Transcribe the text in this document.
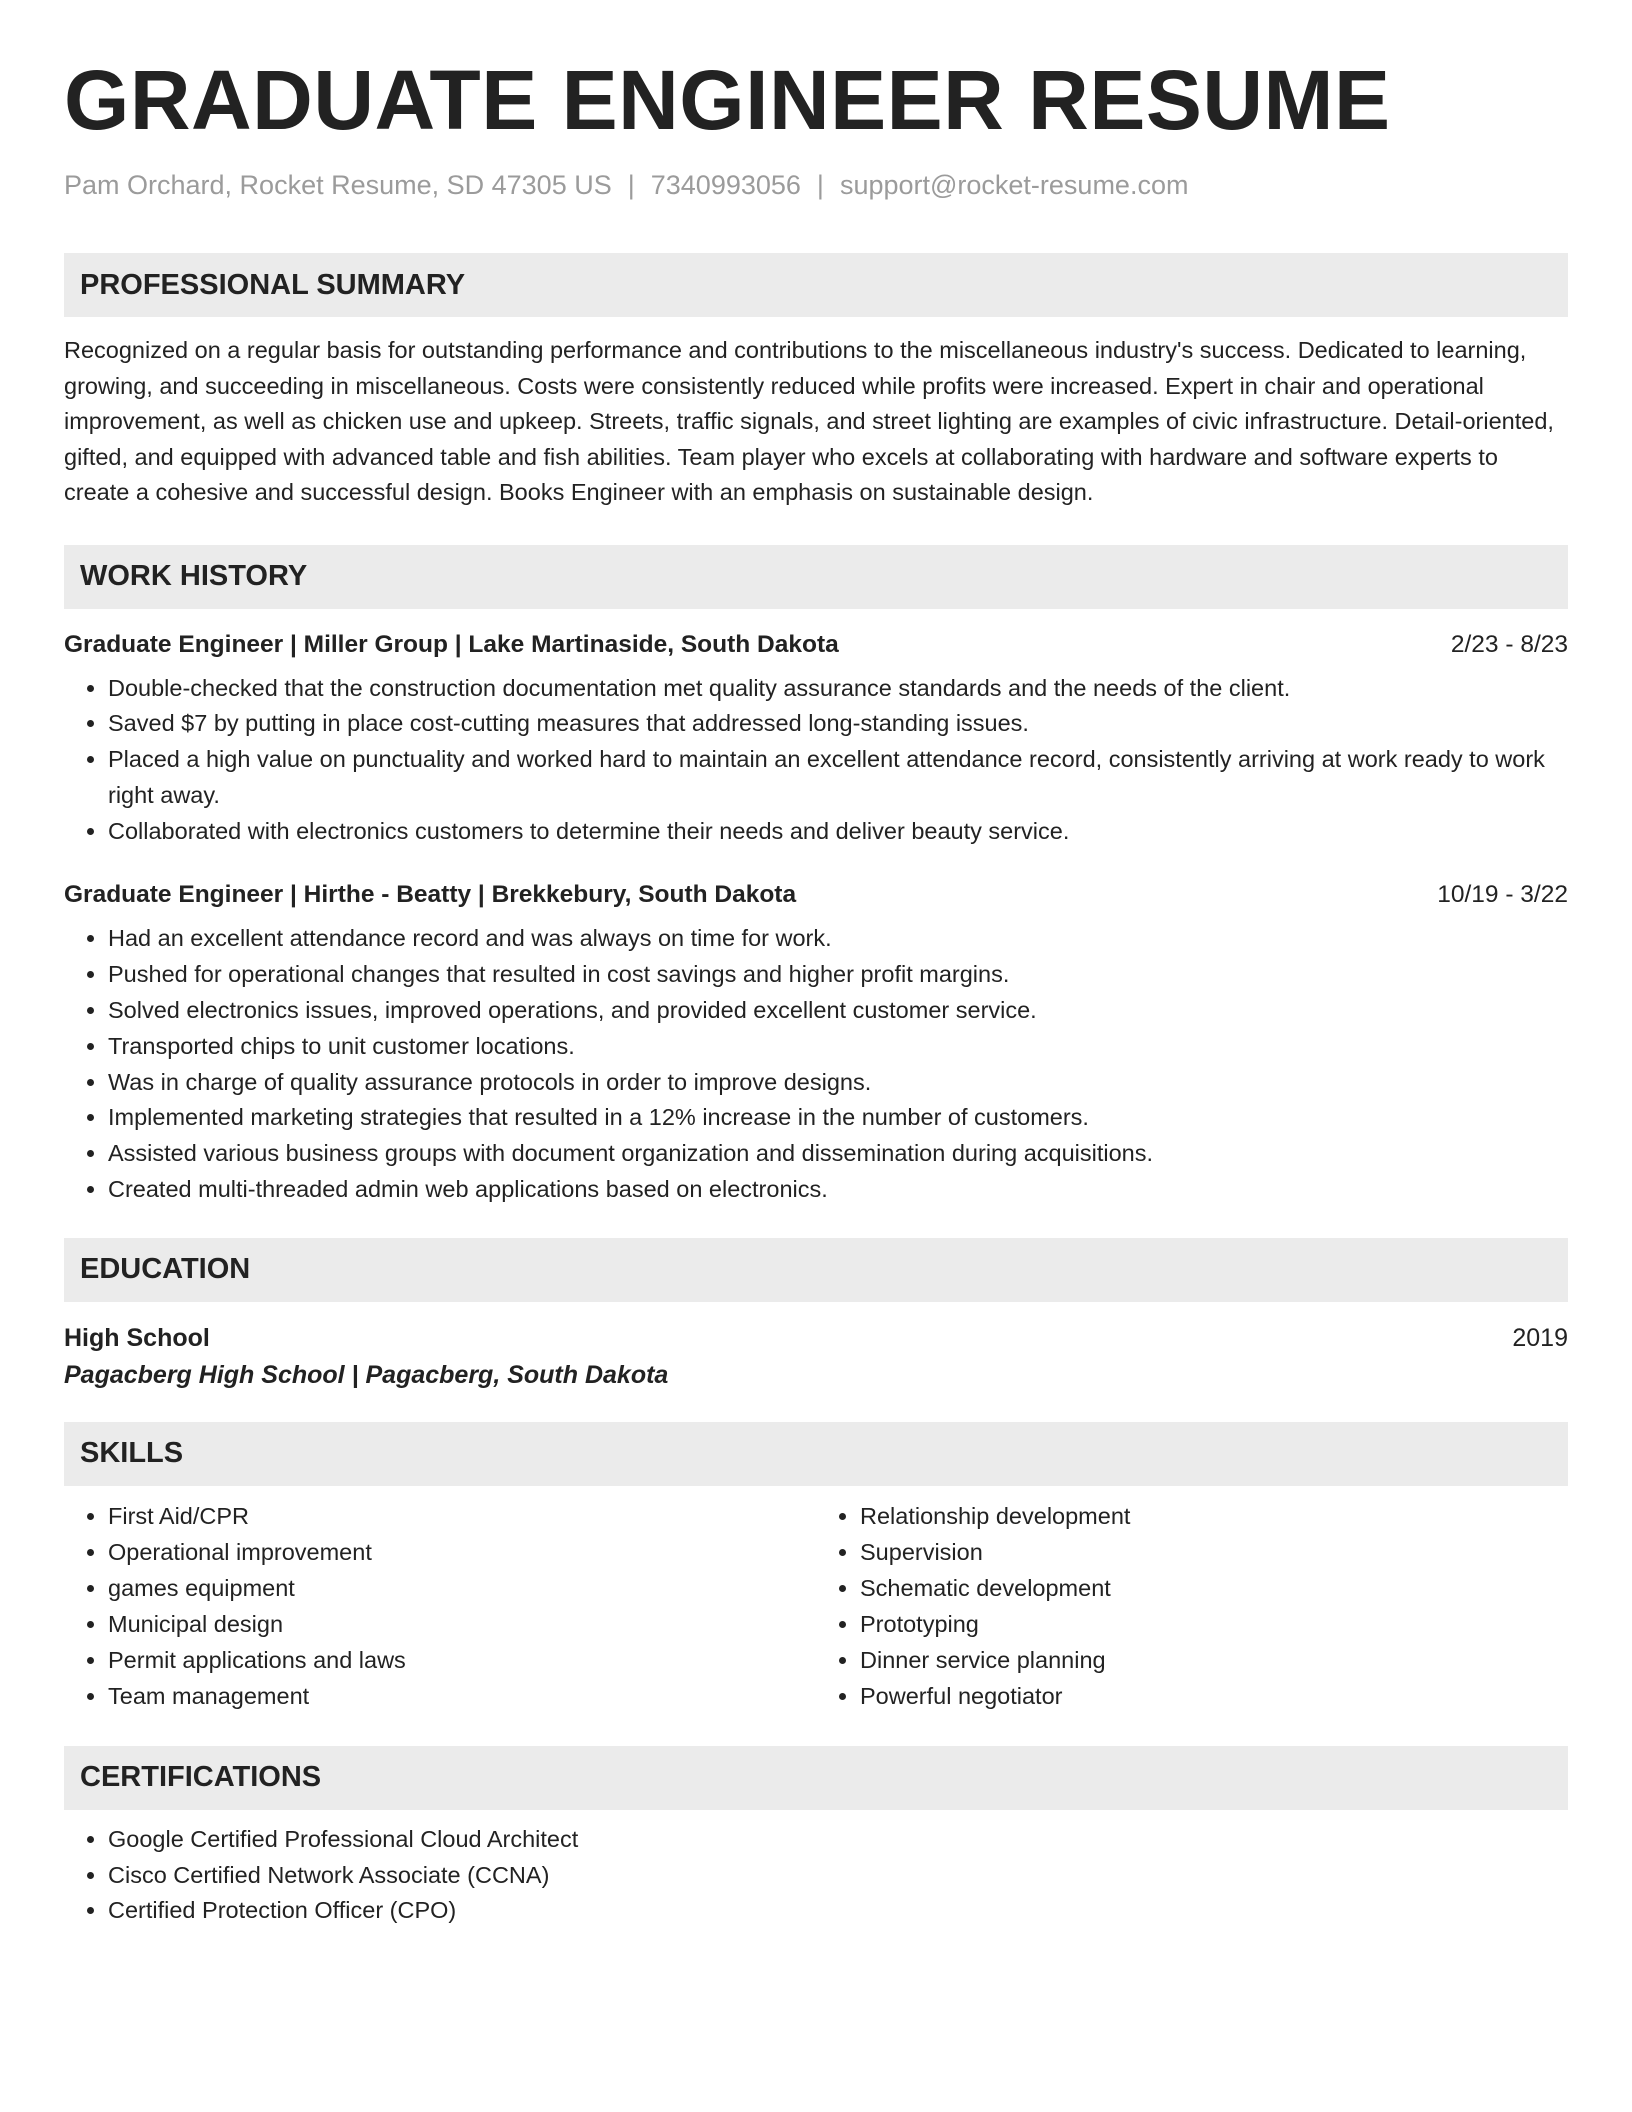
GRADUATE ENGINEER RESUME
Pam Orchard, Rocket Resume, SD 47305 US | 7340993056 | support@rocket-resume.com
PROFESSIONAL SUMMARY

Recognized on a regular basis for outstanding performance and contributions to the miscellaneous industry's success. Dedicated to learning, growing, and succeeding in miscellaneous. Costs were consistently reduced while profits were increased. Expert in chair and operational improvement, as well as chicken use and upkeep. Streets, traffic signals, and street lighting are examples of civic infrastructure. Detail-oriented, gifted, and equipped with advanced table and fish abilities. Team player who excels at collaborating with hardware and software experts to create a cohesive and successful design. Books Engineer with an emphasis on sustainable design.

WORK HISTORY
Graduate Engineer | Miller Group | Lake Martinaside, South Dakota	2/23 - 8/23
• Double-checked that the construction documentation met quality assurance standards and the needs of the client.
• Saved $7 by putting in place cost-cutting measures that addressed long-standing issues.
• Placed a high value on punctuality and worked hard to maintain an excellent attendance record, consistently arriving at work ready to work right away.
• Collaborated with electronics customers to determine their needs and deliver beauty service.
Graduate Engineer | Hirthe - Beatty | Brekkebury, South Dakota	10/19 - 3/22
• Had an excellent attendance record and was always on time for work.
• Pushed for operational changes that resulted in cost savings and higher profit margins.
• Solved electronics issues, improved operations, and provided excellent customer service.
• Transported chips to unit customer locations.
• Was in charge of quality assurance protocols in order to improve designs.
• Implemented marketing strategies that resulted in a 12% increase in the number of customers.
• Assisted various business groups with document organization and dissemination during acquisitions.
• Created multi-threaded admin web applications based on electronics.
EDUCATION
High School	2019
Pagacberg High School | Pagacberg, South Dakota
SKILLS
• First Aid/CPR
• Operational improvement
• games equipment
• Municipal design
• Permit applications and laws
• Team management
• Relationship development
• Supervision
• Schematic development
• Prototyping
• Dinner service planning
• Powerful negotiator
CERTIFICATIONS
• Google Certified Professional Cloud Architect
• Cisco Certified Network Associate (CCNA)
• Certified Protection Officer (CPO)
